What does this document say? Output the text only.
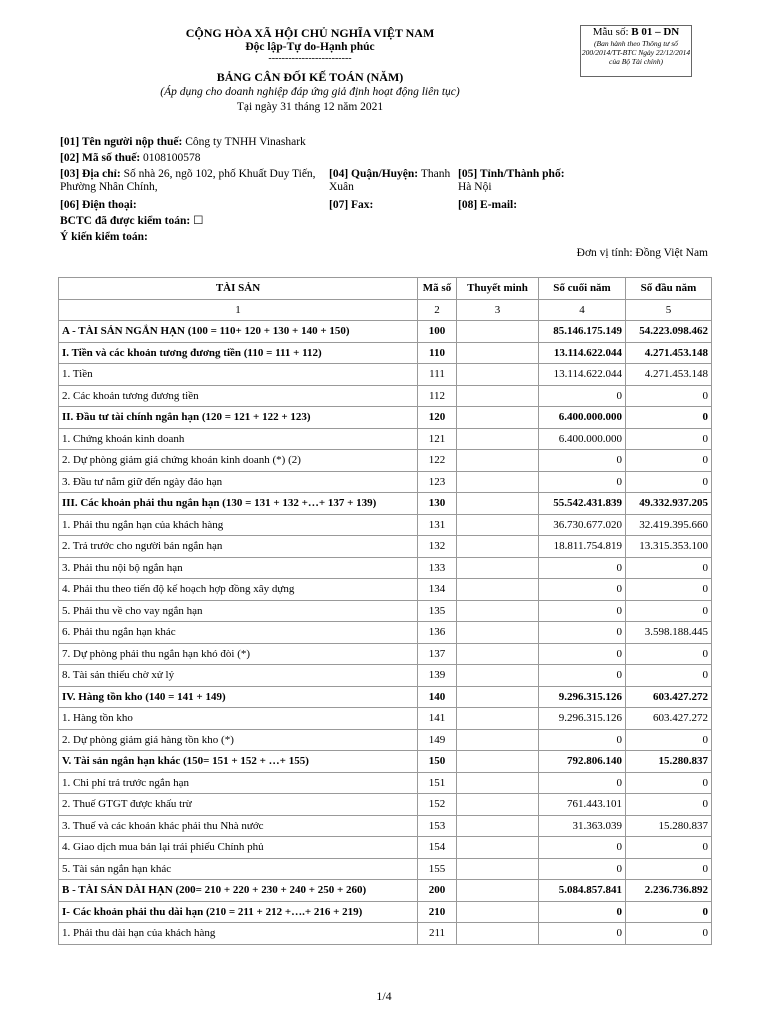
CỘNG HÒA XÃ HỘI CHỦ NGHĨA VIỆT NAM
Độc lập-Tự do-Hạnh phúc
-------------------------
Mẫu số: B 01 – DN
(Ban hành theo Thông tư số 200/2014/TT-BTC Ngày 22/12/2014 của Bộ Tài chính)
BẢNG CÂN ĐỐI KẾ TOÁN (NĂM)
(Áp dụng cho doanh nghiệp đáp ứng giả định hoạt động liên tục)
Tại ngày 31 tháng 12 năm 2021
[01] Tên người nộp thuế: Công ty TNHH Vinashark
[02] Mã số thuế: 0108100578
[03] Địa chỉ: Số nhà 26, ngõ 102, phố Khuất Duy Tiến,
Phường Nhân Chính,
[04] Quận/Huyện: Thanh
Xuân
[05] Tỉnh/Thành phố:
Hà Nội
[06] Điện thoại:	[07] Fax:	[08] E-mail:
BCTC đã được kiểm toán: ☐
Ý kiến kiểm toán:
Đơn vị tính: Đồng Việt Nam
TÀI SẢN	Mã số	Thuyết minh	Số cuối năm	Số đầu năm
1	2	3	4	5
A - TÀI SẢN NGẮN HẠN (100 = 110+ 120 + 130 + 140 + 150)	100		85.146.175.149	54.223.098.462
I. Tiền và các khoản tương đương tiền (110 = 111 + 112)	110		13.114.622.044	4.271.453.148
1. Tiền	111		13.114.622.044	4.271.453.148
2. Các khoản tương đương tiền	112		0	0
II. Đầu tư tài chính ngắn hạn (120 = 121 + 122 + 123)	120		6.400.000.000	0
1. Chứng khoán kinh doanh	121		6.400.000.000	0
2. Dự phòng giảm giá chứng khoán kinh doanh (*) (2)	122		0	0
3. Đầu tư nắm giữ đến ngày đáo hạn	123		0	0
III. Các khoản phải thu ngắn hạn (130 = 131 + 132 +…+ 137 + 139)	130		55.542.431.839	49.332.937.205
1. Phải thu ngắn hạn của khách hàng	131		36.730.677.020	32.419.395.660
2. Trả trước cho người bán ngắn hạn	132		18.811.754.819	13.315.353.100
3. Phải thu nội bộ ngắn hạn	133		0	0
4. Phải thu theo tiến độ kế hoạch hợp đồng xây dựng	134		0	0
5. Phải thu về cho vay ngắn hạn	135		0	0
6. Phải thu ngắn hạn khác	136		0	3.598.188.445
7. Dự phòng phải thu ngắn hạn khó đòi (*)	137		0	0
8. Tài sản thiếu chờ xử lý	139		0	0
IV. Hàng tồn kho (140 = 141 + 149)	140		9.296.315.126	603.427.272
1. Hàng tồn kho	141		9.296.315.126	603.427.272
2. Dự phòng giảm giá hàng tồn kho (*)	149		0	0
V. Tài sản ngắn hạn khác (150= 151 + 152 + …+ 155)	150		792.806.140	15.280.837
1. Chi phí trả trước ngắn hạn	151		0	0
2. Thuế GTGT được khấu trừ	152		761.443.101	0
3. Thuế và các khoản khác phải thu Nhà nước	153		31.363.039	15.280.837
4. Giao dịch mua bán lại trái phiếu Chính phủ	154		0	0
5. Tài sản ngắn hạn khác	155		0	0
B - TÀI SẢN DÀI HẠN (200= 210 + 220 + 230 + 240 + 250 + 260)	200		5.084.857.841	2.236.736.892
I- Các khoản phải thu dài hạn (210 = 211 + 212 +….+ 216 + 219)	210		0	0
1. Phải thu dài hạn của khách hàng	211		0	0
1/4
